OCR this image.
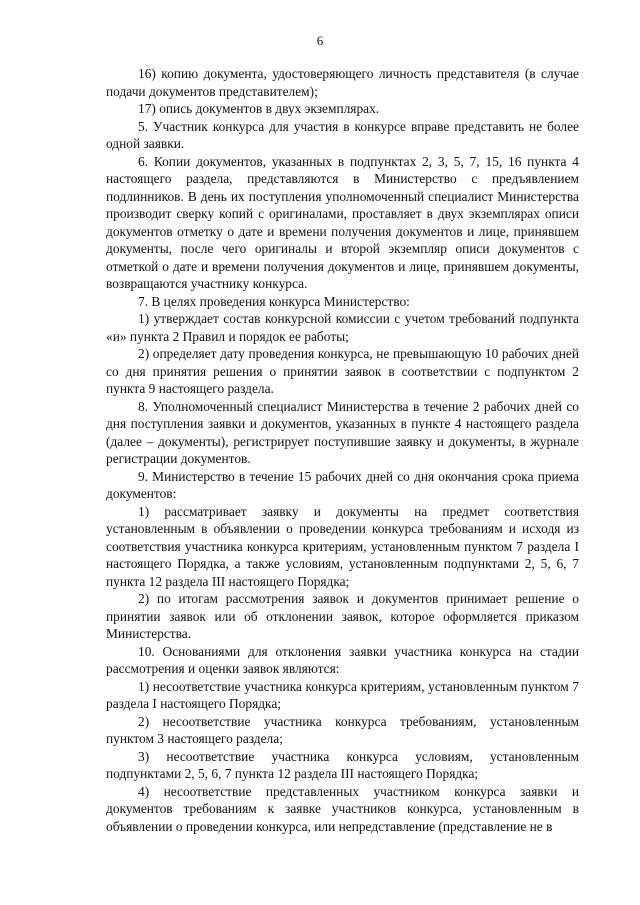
6

16) копию документа, удостоверяющего личность представителя (в случае подачи документов представителем);

17) опись документов в двух экземплярах.

5. Участник конкурса для участия в конкурсе вправе представить не более одной заявки.

6. Копии документов, указанных в подпунктах 2, 3, 5, 7, 15, 16 пункта 4 настоящего раздела, представляются в Министерство с предъявлением подлинников. В день их поступления уполномоченный специалист Министерства производит сверку копий с оригиналами, проставляет в двух экземплярах описи документов отметку о дате и времени получения документов и лице, принявшем документы, после чего оригиналы и второй экземпляр описи документов с отметкой о дате и времени получения документов и лице, принявшем документы, возвращаются участнику конкурса.

7. В целях проведения конкурса Министерство:

1) утверждает состав конкурсной комиссии с учетом требований подпункта «и» пункта 2 Правил и порядок ее работы;

2) определяет дату проведения конкурса, не превышающую 10 рабочих дней со дня принятия решения о принятии заявок в соответствии с подпунктом 2 пункта 9 настоящего раздела.

8. Уполномоченный специалист Министерства в течение 2 рабочих дней со дня поступления заявки и документов, указанных в пункте 4 настоящего раздела (далее – документы), регистрирует поступившие заявку и документы, в журнале регистрации документов.

9. Министерство в течение 15 рабочих дней со дня окончания срока приема документов:

1) рассматривает заявку и документы на предмет соответствия установленным в объявлении о проведении конкурса требованиям и исходя из соответствия участника конкурса критериям, установленным пунктом 7 раздела I настоящего Порядка, а также условиям, установленным подпунктами 2, 5, 6, 7 пункта 12 раздела III настоящего Порядка;

2) по итогам рассмотрения заявок и документов принимает решение о принятии заявок или об отклонении заявок, которое оформляется приказом Министерства.

10. Основаниями для отклонения заявки участника конкурса на стадии рассмотрения и оценки заявок являются:

1) несоответствие участника конкурса критериям, установленным пунктом 7 раздела I настоящего Порядка;

2) несоответствие участника конкурса требованиям, установленным пунктом 3 настоящего раздела;

3) несоответствие участника конкурса условиям, установленным подпунктами 2, 5, 6, 7 пункта 12 раздела III настоящего Порядка;

4) несоответствие представленных участником конкурса заявки и документов требованиям к заявке участников конкурса, установленным в объявлении о проведении конкурса, или непредставление (представление не в
